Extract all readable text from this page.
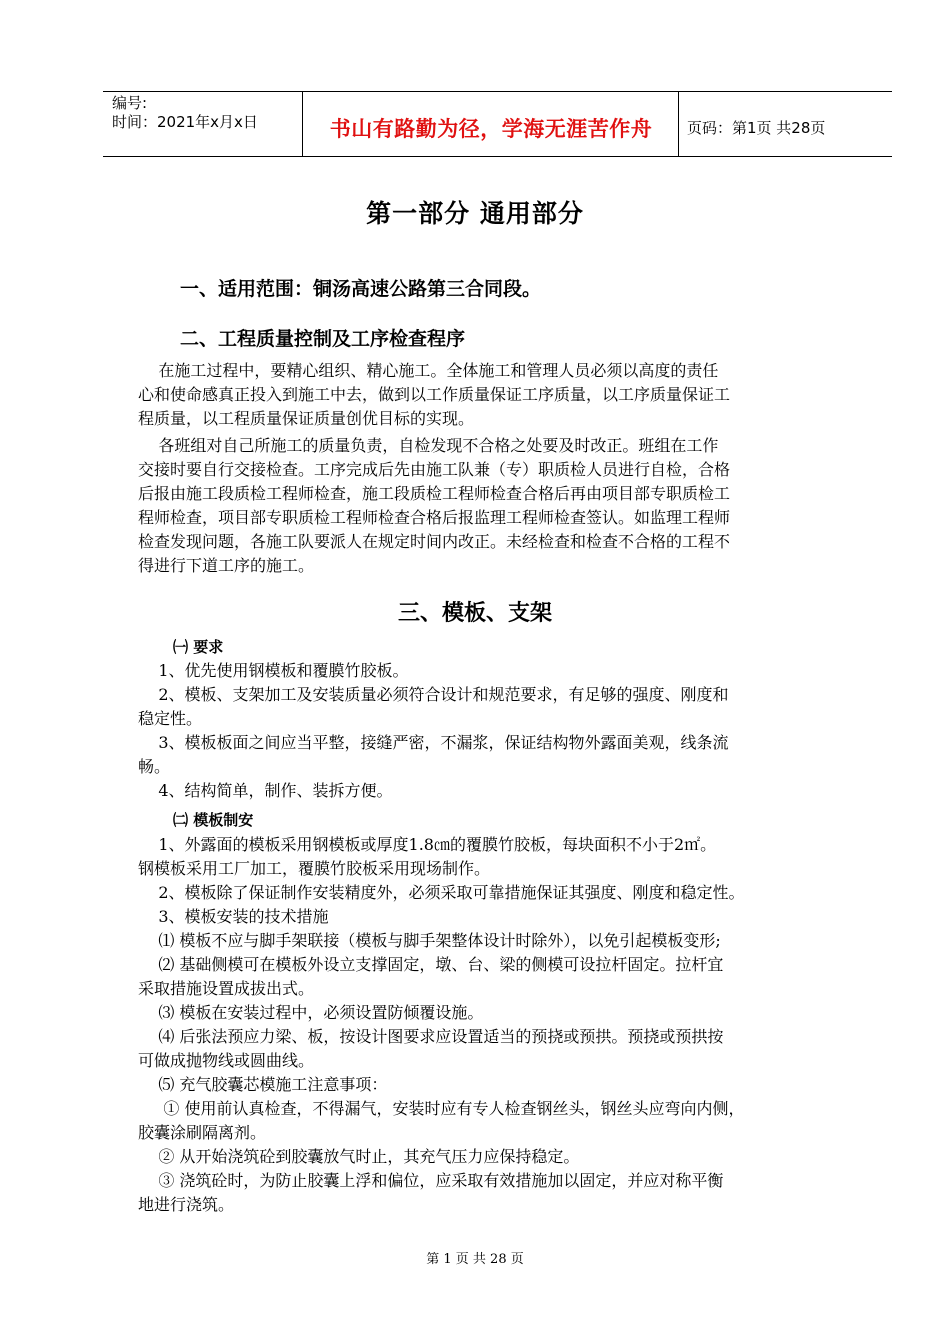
编号:
时间：2021年x月x日	书山有路勤为径，学海无涯苦作舟	页码：第1页 共28页
第一部分 通用部分
一、适用范围：铜汤高速公路第三合同段。
二、工程质量控制及工序检查程序
在施工过程中，要精心组织、精心施工。全体施工和管理人员必须以高度的责任
心和使命感真正投入到施工中去，做到以工作质量保证工序质量，以工序质量保证工
程质量，以工程质量保证质量创优目标的实现。
各班组对自己所施工的质量负责，自检发现不合格之处要及时改正。班组在工作
交接时要自行交接检查。工序完成后先由施工队兼（专）职质检人员进行自检，合格
后报由施工段质检工程师检查，施工段质检工程师检查合格后再由项目部专职质检工
程师检查，项目部专职质检工程师检查合格后报监理工程师检查签认。如监理工程师
检查发现问题，各施工队要派人在规定时间内改正。未经检查和检查不合格的工程不
得进行下道工序的施工。
三、模板、支架
㈠ 要求
1、优先使用钢模板和覆膜竹胶板。
2、模板、支架加工及安装质量必须符合设计和规范要求，有足够的强度、刚度和
稳定性。
3、模板板面之间应当平整，接缝严密，不漏浆，保证结构物外露面美观，线条流
畅。
4、结构简单，制作、装拆方便。
㈡ 模板制安
1、外露面的模板采用钢模板或厚度1.8㎝的覆膜竹胶板，每块面积不小于2㎡。
钢模板采用工厂加工，覆膜竹胶板采用现场制作。
2、模板除了保证制作安装精度外，必须采取可靠措施保证其强度、刚度和稳定性。
3、模板安装的技术措施
⑴ 模板不应与脚手架联接（模板与脚手架整体设计时除外），以免引起模板变形;
⑵ 基础侧模可在模板外设立支撑固定，墩、台、梁的侧模可设拉杆固定。拉杆宜
采取措施设置成拔出式。
⑶ 模板在安装过程中，必须设置防倾覆设施。
⑷ 后张法预应力梁、板，按设计图要求应设置适当的预挠或预拱。预挠或预拱按
可做成抛物线或圆曲线。
⑸ 充气胶囊芯模施工注意事项：
① 使用前认真检查，不得漏气，安装时应有专人检查钢丝头，钢丝头应弯向内侧，
胶囊涂刷隔离剂。
② 从开始浇筑砼到胶囊放气时止，其充气压力应保持稳定。
③ 浇筑砼时，为防止胶囊上浮和偏位，应采取有效措施加以固定，并应对称平衡
地进行浇筑。
第 1 页 共 28 页
